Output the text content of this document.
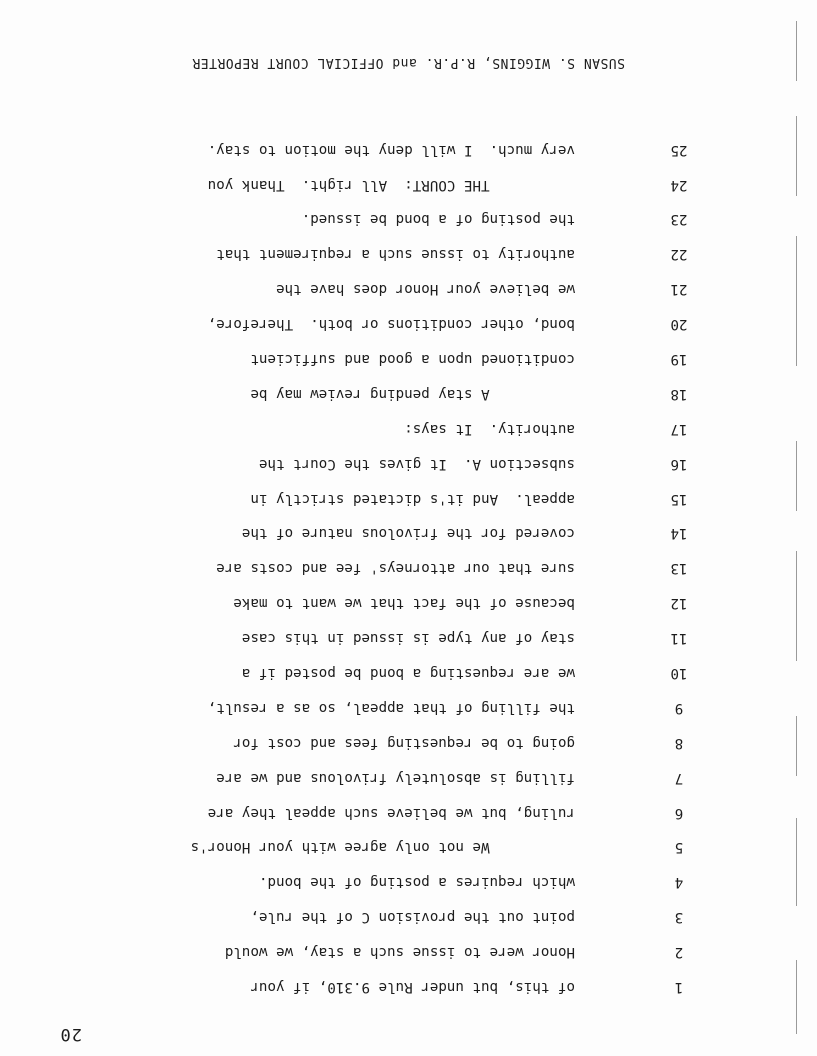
20
1
of this, but under Rule 9.310, if your
2
Honor were to issue such a stay, we would
3
point out the provision C of the rule,
4
which requires a posting of the bond.
5
We not only agree with your Honor's
6
ruling, but we believe such appeal they are
7
filling is absolutely frivolous and we are
8
going to be requesting fees and cost for
9
the filling of that appeal, so as a result,
10
we are requesting a bond be posted if a
11
stay of any type is issued in this case
12
because of the fact that we want to make
13
sure that our attorneys' fee and costs are
14
covered for the frivolous nature of the
15
appeal.  And it's dictated strictly in
16
subsection A.  It gives the Court the
17
authority.  It says:
18
A stay pending review may be
19
conditioned upon a good and sufficient
20
bond, other conditions or both.  Therefore,
21
we believe your Honor does have the
22
authority to issue such a requirement that
23
the posting of a bond be issued.
24
THE COURT:  All right.  Thank you
25
very much.  I will deny the motion to stay.
SUSAN S. WIGGINS, R.P.R. and OFFICIAL COURT REPORTER
